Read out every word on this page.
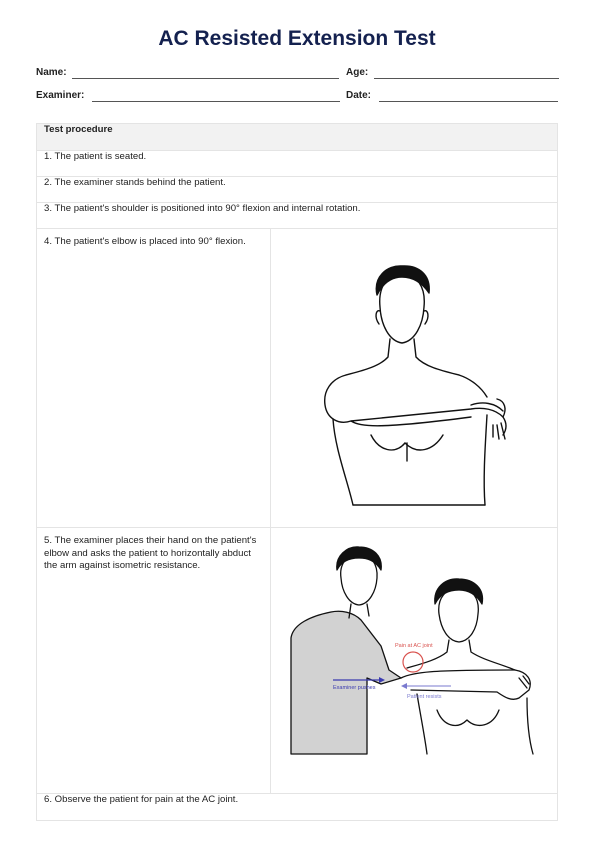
AC Resisted Extension Test
Name:	Age:
Examiner:	Date:
Test procedure	
1. The patient is seated.	
2. The examiner stands behind the patient.	
3. The patient's shoulder is positioned into 90° flexion and internal rotation.	
4. The patient's elbow is placed into 90° flexion.	
5. The examiner places their hand on the patient's elbow and asks the patient to horizontally abduct the arm against isometric resistance.	Pain at AC joint
Examiner pushes
Patient resists

6. Observe the patient for pain at the AC joint.	
